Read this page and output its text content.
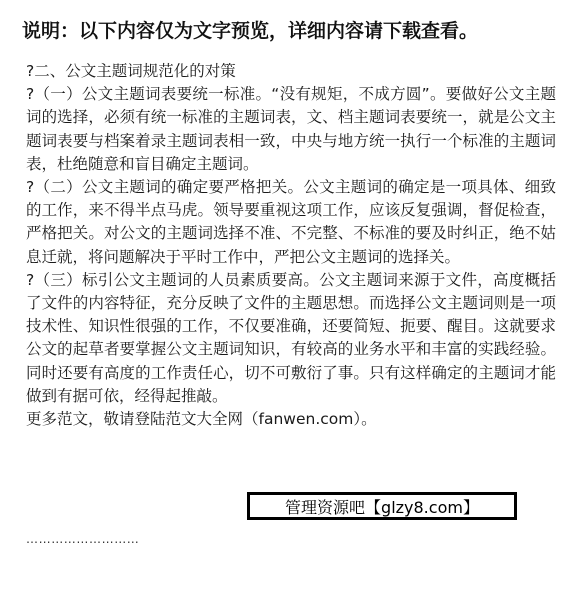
说明：以下内容仅为文字预览，详细内容请下载查看。

?二、公文主题词规范化的对策

?（一）公文主题词表要统一标准。“没有规矩，不成方圆”。要做好公文主题词的选择，必须有统一标准的主题词表，文、档主题词表要统一，就是公文主题词表要与档案着录主题词表相一致，中央与地方统一执行一个标准的主题词表，杜绝随意和盲目确定主题词。

?（二）公文主题词的确定要严格把关。公文主题词的确定是一项具体、细致的工作，来不得半点马虎。领导要重视这项工作，应该反复强调，督促检查，严格把关。对公文的主题词选择不准、不完整、不标准的要及时纠正，绝不姑息迁就，将问题解决于平时工作中，严把公文主题词的选择关。

?（三）标引公文主题词的人员素质要高。公文主题词来源于文件，高度概括了文件的内容特征，充分反映了文件的主题思想。而选择公文主题词则是一项技术性、知识性很强的工作，不仅要准确，还要简短、扼要、醒目。这就要求公文的起草者要掌握公文主题词知识，有较高的业务水平和丰富的实践经验。同时还要有高度的工作责任心，切不可敷衍了事。只有这样确定的主题词才能做到有据可依，经得起推敲。

更多范文，敬请登陆范文大全网（fanwen.com）。

………………………
管理资源吧【glzy8.com】
